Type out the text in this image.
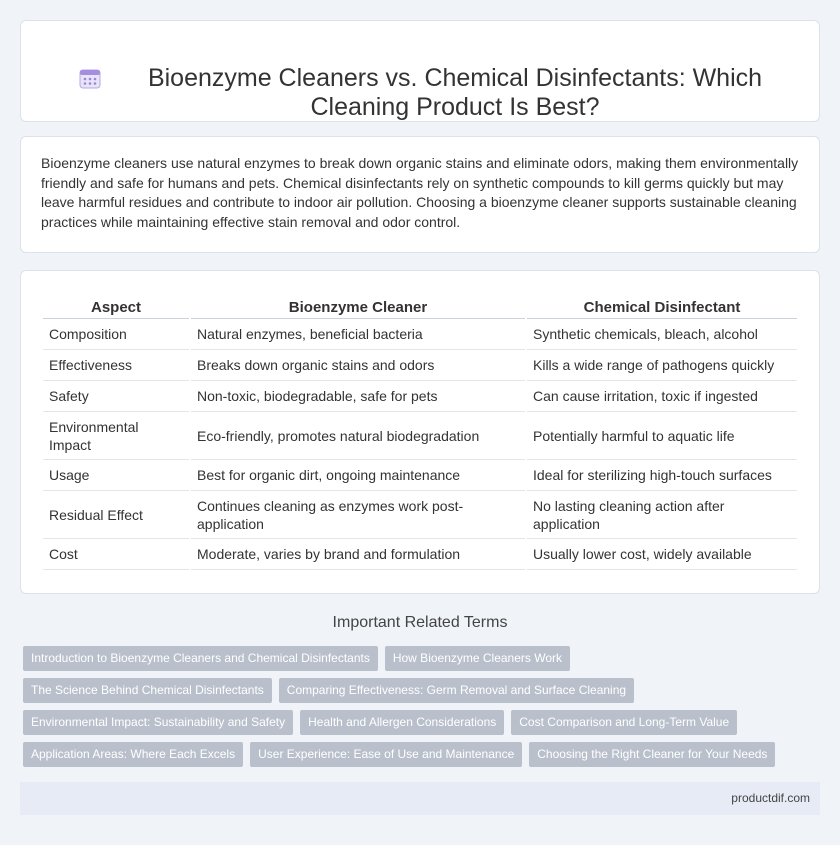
Bioenzyme Cleaners vs. Chemical Disinfectants: Which Cleaning Product Is Best?

Bioenzyme cleaners use natural enzymes to break down organic stains and eliminate odors, making them environmentally friendly and safe for humans and pets. Chemical disinfectants rely on synthetic compounds to kill germs quickly but may leave harmful residues and contribute to indoor air pollution. Choosing a bioenzyme cleaner supports sustainable cleaning practices while maintaining effective stain removal and odor control.

Aspect	Bioenzyme Cleaner	Chemical Disinfectant
Composition	Natural enzymes, beneficial bacteria	Synthetic chemicals, bleach, alcohol
Effectiveness	Breaks down organic stains and odors	Kills a wide range of pathogens quickly
Safety	Non-toxic, biodegradable, safe for pets	Can cause irritation, toxic if ingested
Environmental Impact	Eco-friendly, promotes natural biodegradation	Potentially harmful to aquatic life
Usage	Best for organic dirt, ongoing maintenance	Ideal for sterilizing high-touch surfaces
Residual Effect	Continues cleaning as enzymes work post-application	No lasting cleaning action after application
Cost	Moderate, varies by brand and formulation	Usually lower cost, widely available
Important Related Terms
Introduction to Bioenzyme Cleaners and Chemical Disinfectants	How Bioenzyme Cleaners Work
The Science Behind Chemical Disinfectants	Comparing Effectiveness: Germ Removal and Surface Cleaning
Environmental Impact: Sustainability and Safety	Health and Allergen Considerations	Cost Comparison and Long-Term Value
Application Areas: Where Each Excels	User Experience: Ease of Use and Maintenance	Choosing the Right Cleaner for Your Needs
productdif.com
